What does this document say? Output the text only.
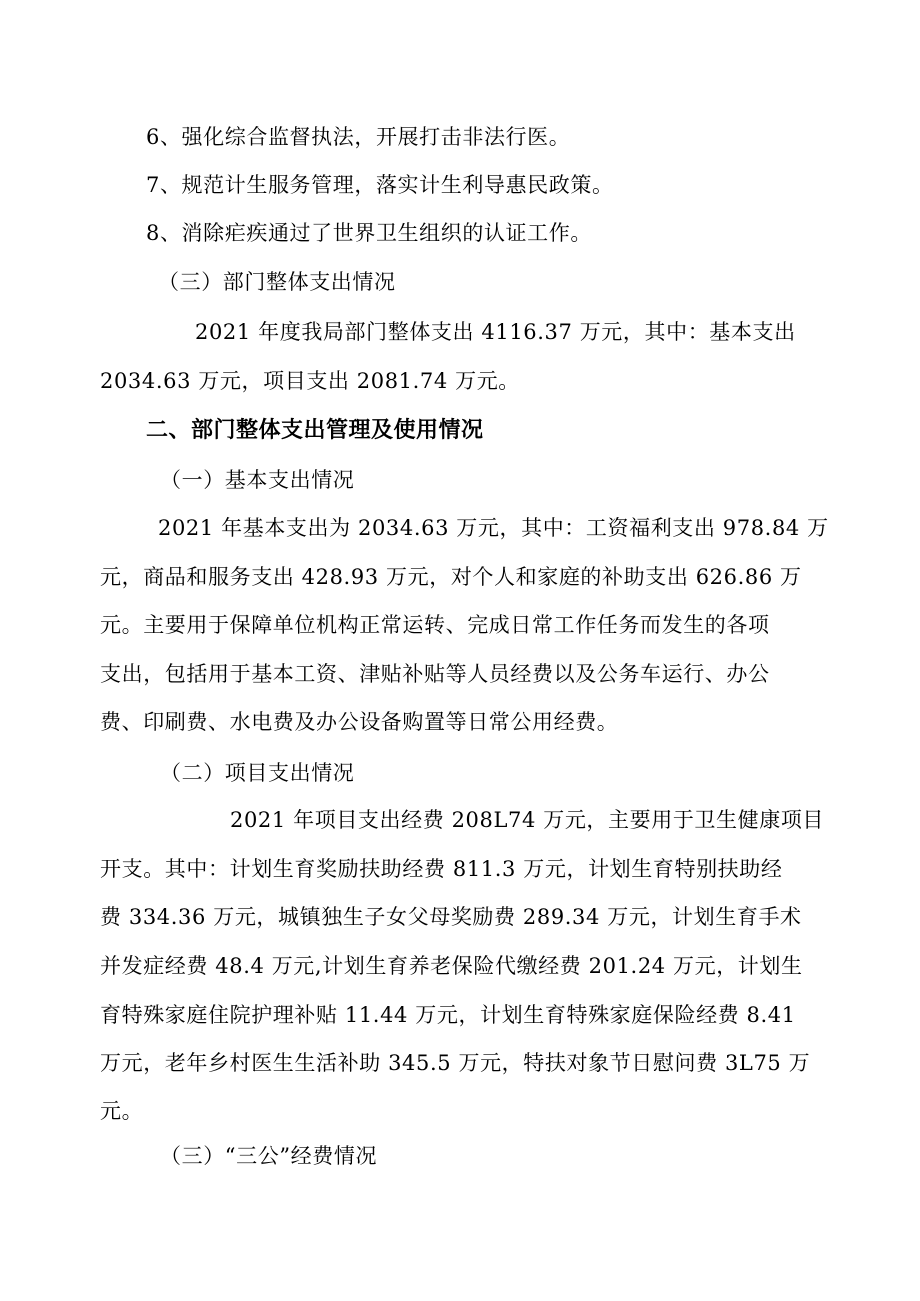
6、强化综合监督执法，开展打击非法行医。
7、规范计生服务管理，落实计生利导惠民政策。
8、消除疟疾通过了世界卫生组织的认证工作。
（三）部门整体支出情况
2021 年度我局部门整体支出 4116.37 万元，其中：基本支出
2034.63 万元，项目支出 2081.74 万元。
二、部门整体支出管理及使用情况
（一）基本支出情况
2021 年基本支出为 2034.63 万元，其中：工资福利支出 978.84 万
元，商品和服务支出 428.93 万元，对个人和家庭的补助支出 626.86 万
元。主要用于保障单位机构正常运转、完成日常工作任务而发生的各项
支出，包括用于基本工资、津贴补贴等人员经费以及公务车运行、办公
费、印刷费、水电费及办公设备购置等日常公用经费。
（二）项目支出情况
2021 年项目支出经费 208L74 万元，主要用于卫生健康项目
开支。其中：计划生育奖励扶助经费 811.3 万元，计划生育特别扶助经
费 334.36 万元，城镇独生子女父母奖励费 289.34 万元，计划生育手术
并发症经费 48.4 万元,计划生育养老保险代缴经费 201.24 万元，计划生
育特殊家庭住院护理补贴 11.44 万元，计划生育特殊家庭保险经费 8.41
万元，老年乡村医生生活补助 345.5 万元，特扶对象节日慰问费 3L75 万
元。
（三）“三公”经费情况
